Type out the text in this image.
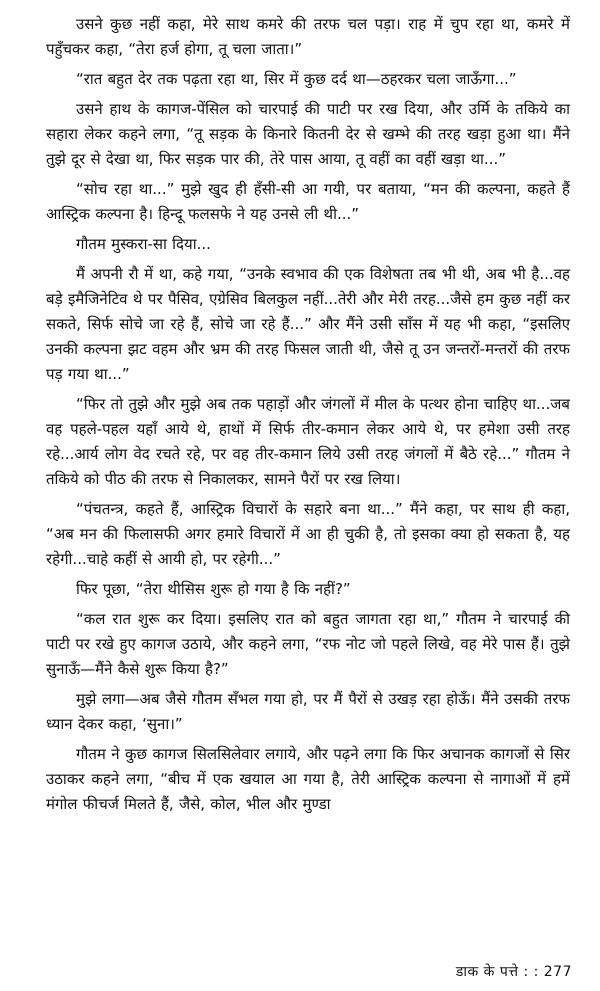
उसने कुछ नहीं कहा, मेरे साथ कमरे की तरफ चल पड़ा। राह में चुप रहा था, कमरे में पहुँचकर कहा, “तेरा हर्ज होगा, तू चला जाता।”

“रात बहुत देर तक पढ़ता रहा था, सिर में कुछ दर्द था—ठहरकर चला जाऊँगा...”

उसने हाथ के कागज-पेंसिल को चारपाई की पाटी पर रख दिया, और उर्मि के तकिये का सहारा लेकर कहने लगा, “तू सड़क के किनारे कितनी देर से खम्भे की तरह खड़ा हुआ था। मैंने तुझे दूर से देखा था, फिर सड़क पार की, तेरे पास आया, तू वहीं का वहीं खड़ा था...”

“सोच रहा था...” मुझे खुद ही हँसी-सी आ गयी, पर बताया, “मन की कल्पना, कहते हैं आस्ट्रिक कल्पना है। हिन्दू फलसफे ने यह उनसे ली थी...”

गौतम मुस्करा-सा दिया...

मैं अपनी रौ में था, कहे गया, “उनके स्वभाव की एक विशेषता तब भी थी, अब भी है...वह बड़े इमैजिनेटिव थे पर पैसिव, एग्रेसिव बिलकुल नहीं...तेरी और मेरी तरह...जैसे हम कुछ नहीं कर सकते, सिर्फ सोचे जा रहे हैं, सोचे जा रहे हैं...” और मैंने उसी साँस में यह भी कहा, “इसलिए उनकी कल्पना झट वहम और भ्रम की तरह फिसल जाती थी, जैसे तू उन जन्तरों-मन्तरों की तरफ पड़ गया था...”

“फिर तो तुझे और मुझे अब तक पहाड़ों और जंगलों में मील के पत्थर होना चाहिए था...जब वह पहले-पहल यहाँ आये थे, हाथों में सिर्फ तीर-कमान लेकर आये थे, पर हमेशा उसी तरह रहे...आर्य लोग वेद रचते रहे, पर वह तीर-कमान लिये उसी तरह जंगलों में बैठे रहे...” गौतम ने तकिये को पीठ की तरफ से निकालकर, सामने पैरों पर रख लिया।

“पंचतन्त्र, कहते हैं, आस्ट्रिक विचारों के सहारे बना था...” मैंने कहा, पर साथ ही कहा, “अब मन की फिलासफी अगर हमारे विचारों में आ ही चुकी है, तो इसका क्या हो सकता है, यह रहेगी...चाहे कहीं से आयी हो, पर रहेगी...”

फिर पूछा, “तेरा थीसिस शुरू हो गया है कि नहीं?”

“कल रात शुरू कर दिया। इसलिए रात को बहुत जागता रहा था,” गौतम ने चारपाई की पाटी पर रखे हुए कागज उठाये, और कहने लगा, “रफ नोट जो पहले लिखे, वह मेरे पास हैं। तुझे सुनाऊँ—मैंने कैसे शुरू किया है?”

मुझे लगा—अब जैसे गौतम सँभल गया हो, पर मैं पैरों से उखड़ रहा होऊँ। मैंने उसकी तरफ ध्यान देकर कहा, ‘सुना।”

गौतम ने कुछ कागज सिलसिलेवार लगाये, और पढ़ने लगा कि फिर अचानक कागजों से सिर उठाकर कहने लगा, “बीच में एक खयाल आ गया है, तेरी आस्ट्रिक कल्पना से नागाओं में हमें मंगोल फीचर्ज मिलते हैं, जैसे, कोल, भील और मुण्डा

डाक के पत्ते : : 277
